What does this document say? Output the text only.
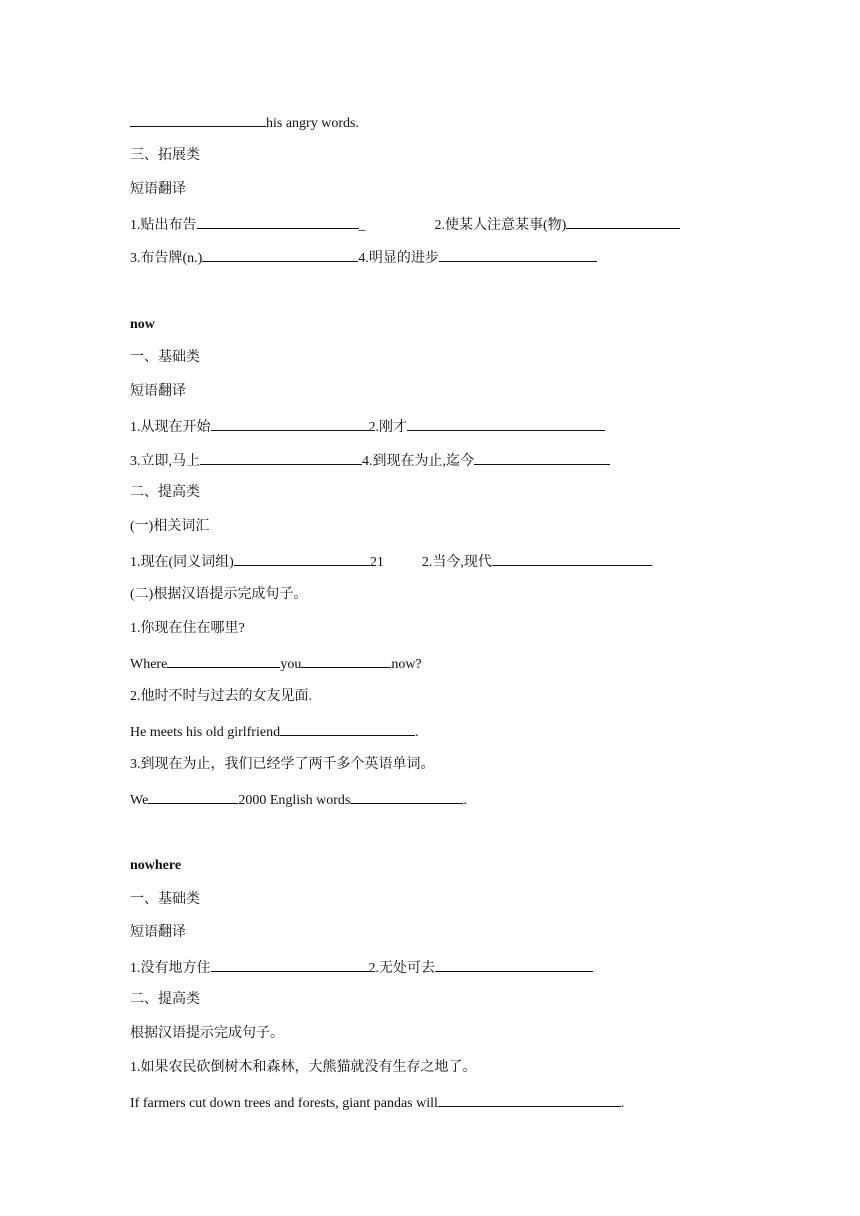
his angry words.
三、拓展类
短语翻译
1.贴出布告	_	2.使某人注意某事(物)
3.布告牌(n.)	4.明显的进步
now
一、基础类
短语翻译
1.从现在开始	2.刚才
3.立即,马上	4.到现在为止,迄今
二、提高类
(一)相关词汇
1.现在(同义词组)	21	2.当今,现代
(二)根据汉语提示完成句子。
1.你现在住在哪里?
Where	you	now?
2.他时不时与过去的女友见面.
He meets his old girlfriend	.
3.到现在为止，我们已经学了两千多个英语单词。
We	2000 English words	.
nowhere
一、基础类
短语翻译
1.没有地方住	2.无处可去
二、提高类
根据汉语提示完成句子。
1.如果农民砍倒树木和森林，大熊猫就没有生存之地了。
If farmers cut down trees and forests, giant pandas will	.
